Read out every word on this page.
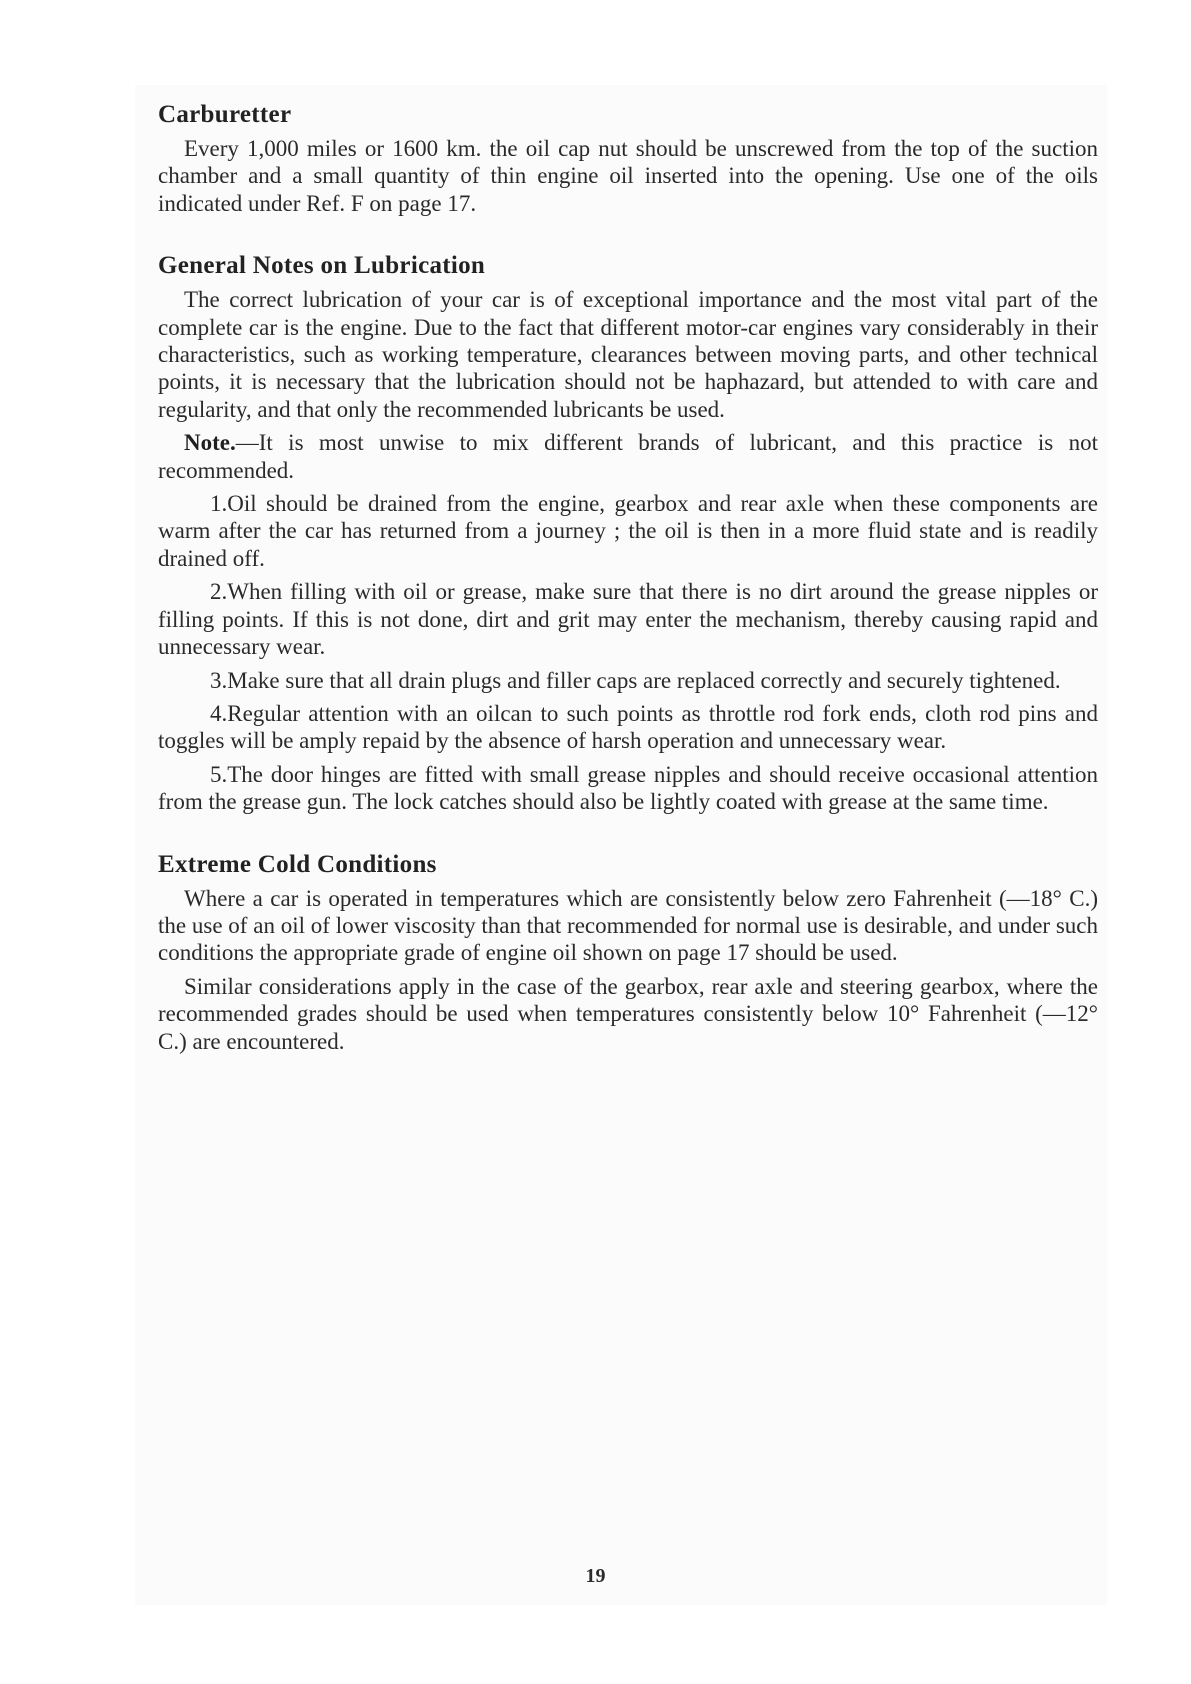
Carburetter

Every 1,000 miles or 1600 km. the oil cap nut should be unscrewed from the top of the suction chamber and a small quantity of thin engine oil inserted into the opening. Use one of the oils indicated under Ref. F on page 17.

General Notes on Lubrication

The correct lubrication of your car is of exceptional importance and the most vital part of the complete car is the engine. Due to the fact that different motor-car engines vary considerably in their characteristics, such as working temperature, clearances between moving parts, and other technical points, it is necessary that the lubrication should not be haphazard, but attended to with care and regularity, and that only the recommended lubricants be used.

Note.—It is most unwise to mix different brands of lubricant, and this practice is not recommended.

1.Oil should be drained from the engine, gearbox and rear axle when these components are warm after the car has returned from a journey ; the oil is then in a more fluid state and is readily drained off.

2.When filling with oil or grease, make sure that there is no dirt around the grease nipples or filling points. If this is not done, dirt and grit may enter the mechanism, thereby causing rapid and unnecessary wear.

3.Make sure that all drain plugs and filler caps are replaced correctly and securely tightened.

4.Regular attention with an oilcan to such points as throttle rod fork ends, cloth rod pins and toggles will be amply repaid by the absence of harsh operation and unnecessary wear.

5.The door hinges are fitted with small grease nipples and should receive occasional attention from the grease gun. The lock catches should also be lightly coated with grease at the same time.

Extreme Cold Conditions

Where a car is operated in temperatures which are consistently below zero Fahrenheit (—18° C.) the use of an oil of lower viscosity than that recommended for normal use is desirable, and under such conditions the appropriate grade of engine oil shown on page 17 should be used.

Similar considerations apply in the case of the gearbox, rear axle and steering gearbox, where the recommended grades should be used when temperatures consistently below 10° Fahrenheit (—12° C.) are encountered.

19
